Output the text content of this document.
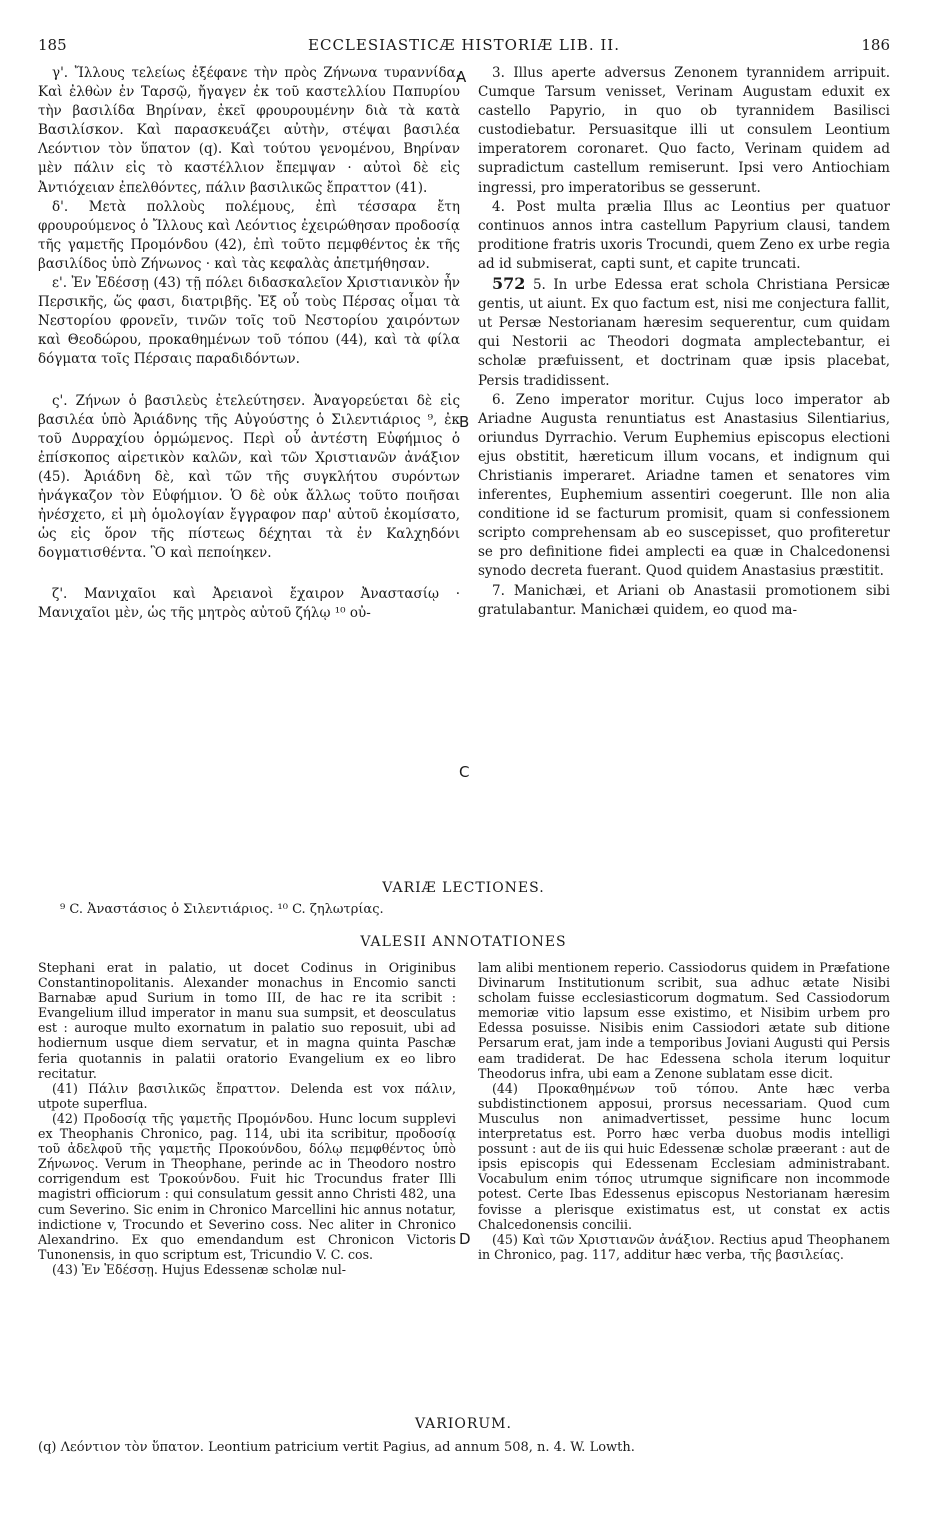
185	ECCLESIASTICÆ HISTORIÆ LIB. II.	186

γ'. Ἴλλους τελείως ἐξέφανε τὴν πρὸς Ζήνωνα τυραννίδα. Καὶ ἐλθὼν ἐν Ταρσῷ, ἤγαγεν ἐκ τοῦ καστελλίου Παπυρίου τὴν βασιλίδα Βηρίναν, ἐκεῖ φρουρουμένην διὰ τὰ κατὰ Βασιλίσκον. Καὶ παρασκευάζει αὐτὴν, στέψαι βασιλέα Λεόντιον τὸν ὕπατον (q). Καὶ τούτου γενομένου, Βηρίναν μὲν πάλιν εἰς τὸ καστέλλιον ἔπεμψαν · αὐτοὶ δὲ εἰς Ἀντιόχειαν ἐπελθόντες, πάλιν βασιλικῶς ἔπραττον (41).

δ'. Μετὰ πολλοὺς πολέμους, ἐπὶ τέσσαρα ἔτη φρουρούμενος ὁ Ἴλλους καὶ Λεόντιος ἐχειρώθησαν προδοσίᾳ τῆς γαμετῆς Προμόνδου (42), ἐπὶ τοῦτο πεμφθέντος ἐκ τῆς βασιλίδος ὑπὸ Ζήνωνος · καὶ τὰς κεφαλὰς ἀπετμήθησαν.

ε'. Ἐν Ἐδέσσῃ (43) τῇ πόλει διδασκαλεῖον Χριστιανικὸν ἦν Περσικῆς, ὥς φασι, διατριβῆς. Ἐξ οὗ τοὺς Πέρσας οἶμαι τὰ Νεστορίου φρονεῖν, τινῶν τοῖς τοῦ Νεστορίου χαιρόντων καὶ Θεοδώρου, προκαθημένων τοῦ τόπου (44), καὶ τὰ φίλα δόγματα τοῖς Πέρσαις παραδιδόντων.

ς'. Ζήνων ὁ βασιλεὺς ἐτελεύτησεν. Ἀναγορεύεται δὲ εἰς βασιλέα ὑπὸ Ἀριάδνης τῆς Αὐγούστης ὁ Σιλεντιάριος ⁹, ἐκ τοῦ Δυρραχίου ὁρμώμενος. Περὶ οὗ ἀντέστη Εὐφήμιος ὁ ἐπίσκοπος αἱρετικὸν καλῶν, καὶ τῶν Χριστιανῶν ἀνάξιον (45). Ἀριάδνη δὲ, καὶ τῶν τῆς συγκλήτου συρόντων ἠνάγκαζον τὸν Εὐφήμιον. Ὁ δὲ οὐκ ἄλλως τοῦτο ποιῆσαι ἠνέσχετο, εἰ μὴ ὁμολογίαν ἔγγραφον παρ' αὐτοῦ ἐκομίσατο, ὡς εἰς ὅρον τῆς πίστεως δέχηται τὰ ἐν Καλχηδόνι δογματισθέντα. Ὃ καὶ πεποίηκεν.

ζ'. Μανιχαῖοι καὶ Ἀρειανοὶ ἔχαιρον Ἀναστασίῳ · Μανιχαῖοι μὲν, ὡς τῆς μητρὸς αὐτοῦ ζήλῳ ¹⁰ οὐ-

A
B
C
D

3. Illus aperte adversus Zenonem tyrannidem arripuit. Cumque Tarsum venisset, Verinam Augustam eduxit ex castello Papyrio, in quo ob tyrannidem Basilisci custodiebatur. Persuasitque illi ut consulem Leontium imperatorem coronaret. Quo facto, Verinam quidem ad supradictum castellum remiserunt. Ipsi vero Antiochiam ingressi, pro imperatoribus se gesserunt.

4. Post multa prælia Illus ac Leontius per quatuor continuos annos intra castellum Papyrium clausi, tandem proditione fratris uxoris Trocundi, quem Zeno ex urbe regia ad id submiserat, capti sunt, et capite truncati.

572 5. In urbe Edessa erat schola Christiana Persicæ gentis, ut aiunt. Ex quo factum est, nisi me conjectura fallit, ut Persæ Nestorianam hæresim sequerentur, cum quidam qui Nestorii ac Theodori dogmata amplectebantur, ei scholæ præfuissent, et doctrinam quæ ipsis placebat, Persis tradidissent.

6. Zeno imperator moritur. Cujus loco imperator ab Ariadne Augusta renuntiatus est Anastasius Silentiarius, oriundus Dyrrachio. Verum Euphemius episcopus electioni ejus obstitit, hæreticum illum vocans, et indignum qui Christianis imperaret. Ariadne tamen et senatores vim inferentes, Euphemium assentiri coegerunt. Ille non alia conditione id se facturum promisit, quam si confessionem scripto comprehensam ab eo suscepisset, quo profiteretur se pro definitione fidei amplecti ea quæ in Chalcedonensi synodo decreta fuerant. Quod quidem Anastasius præstitit.

7. Manichæi, et Ariani ob Anastasii promotionem sibi gratulabantur. Manichæi quidem, eo quod ma-

VARIÆ LECTIONES.
⁹ C. Ἀναστάσιος ὁ Σιλεντιάριος. ¹⁰ C. ζηλωτρίας.
VALESII ANNOTATIONES

Stephani erat in palatio, ut docet Codinus in Originibus Constantinopolitanis. Alexander monachus in Encomio sancti Barnabæ apud Surium in tomo III, de hac re ita scribit : Evangelium illud imperator in manu sua sumpsit, et deosculatus est : auroque multo exornatum in palatio suo reposuit, ubi ad hodiernum usque diem servatur, et in magna quinta Paschæ feria quotannis in palatii oratorio Evangelium ex eo libro recitatur.

(41) Πάλιν βασιλικῶς ἔπραττον. Delenda est vox πάλιν, utpote superflua.

(42) Προδοσίᾳ τῆς γαμετῆς Προμόνδου. Hunc locum supplevi ex Theophanis Chronico, pag. 114, ubi ita scribitur, προδοσίᾳ τοῦ ἀδελφοῦ τῆς γαμετῆς Προκούνδου, δόλῳ πεμφθέντος ὑπὸ Ζήνωνος. Verum in Theophane, perinde ac in Theodoro nostro corrigendum est Τροκούνδου. Fuit hic Trocundus frater Illi magistri officiorum : qui consulatum gessit anno Christi 482, una cum Severino. Sic enim in Chronico Marcellini hic annus notatur, indictione v, Trocundo et Severino coss. Nec aliter in Chronico Alexandrino. Ex quo emendandum est Chronicon Victoris Tunonensis, in quo scriptum est, Tricundio V. C. cos.

(43) Ἐν Ἐδέσσῃ. Hujus Edessenæ scholæ nul-

lam alibi mentionem reperio. Cassiodorus quidem in Præfatione Divinarum Institutionum scribit, sua adhuc ætate Nisibi scholam fuisse ecclesiasticorum dogmatum. Sed Cassiodorum memoriæ vitio lapsum esse existimo, et Nisibim urbem pro Edessa posuisse. Nisibis enim Cassiodori ætate sub ditione Persarum erat, jam inde a temporibus Joviani Augusti qui Persis eam tradiderat. De hac Edessena schola iterum loquitur Theodorus infra, ubi eam a Zenone sublatam esse dicit.

(44) Προκαθημένων τοῦ τόπου. Ante hæc verba subdistinctionem apposui, prorsus necessariam. Quod cum Musculus non animadvertisset, pessime hunc locum interpretatus est. Porro hæc verba duobus modis intelligi possunt : aut de iis qui huic Edessenæ scholæ præerant : aut de ipsis episcopis qui Edessenam Ecclesiam administrabant. Vocabulum enim τόπος utrumque significare non incommode potest. Certe Ibas Edessenus episcopus Nestorianam hæresim fovisse a plerisque existimatus est, ut constat ex actis Chalcedonensis concilii.

(45) Καὶ τῶν Χριστιανῶν ἀνάξιον. Rectius apud Theophanem in Chronico, pag. 117, additur hæc verba, τῆς βασιλείας.

VARIORUM.
(q) Λεόντιον τὸν ὕπατον. Leontium patricium vertit Pagius, ad annum 508, n. 4. W. Lowth.
